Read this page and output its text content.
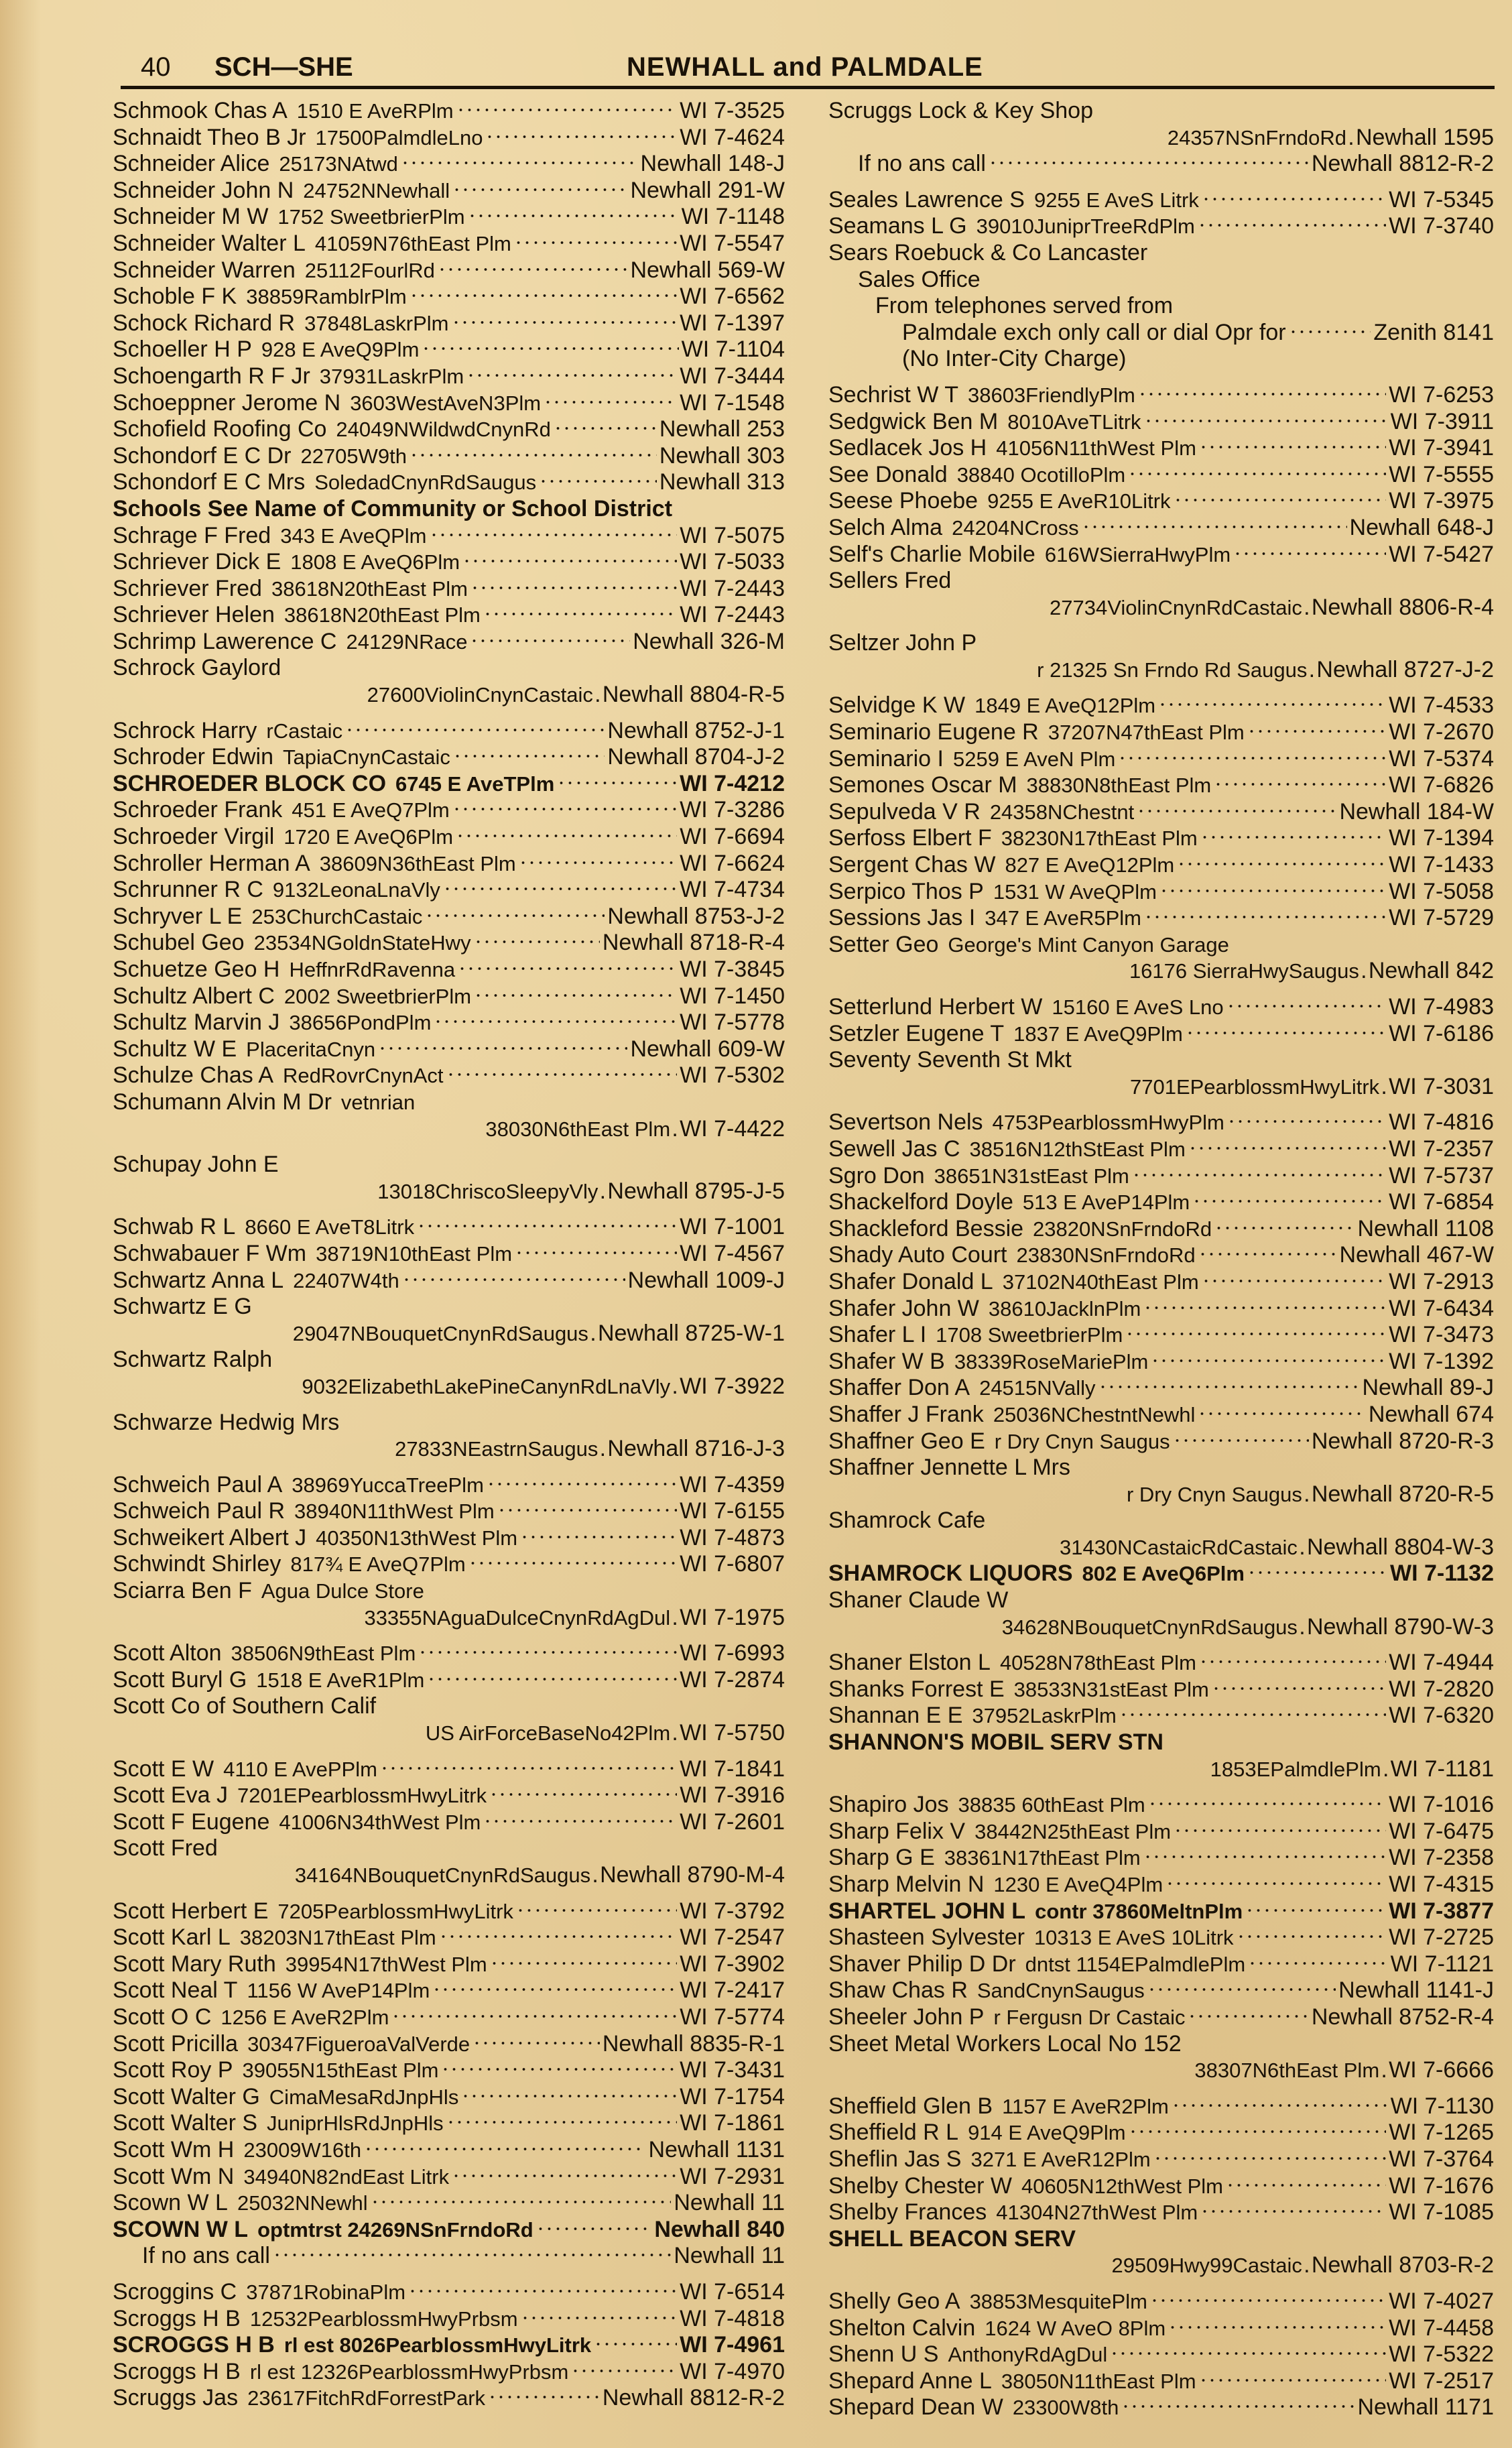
40 SCH—SHE	NEWHALL and PALMDALE
Schmook Chas A 1510 E AveRPlm	WI 7-3525
Schnaidt Theo B Jr 17500PalmdleLno	WI 7-4624
Schneider Alice 25173NAtwd	Newhall 148-J
Schneider John N 24752NNewhall	Newhall 291-W
Schneider M W 1752 SweetbrierPlm	WI 7-1148
Schneider Walter L 41059N76thEast Plm	WI 7-5547
Schneider Warren 25112FourlRd	Newhall 569-W
Schoble F K 38859RamblrPlm	WI 7-6562
Schock Richard R 37848LaskrPlm	WI 7-1397
Schoeller H P 928 E AveQ9Plm	WI 7-1104
Schoengarth R F Jr 37931LaskrPlm	WI 7-3444
Schoeppner Jerome N 3603WestAveN3Plm	WI 7-1548
Schofield Roofing Co 24049NWildwdCnynRd	Newhall 253
Schondorf E C Dr 22705W9th	Newhall 303
Schondorf E C Mrs SoledadCnynRdSaugus	Newhall 313
Schools See Name of Community or School District
Schrage F Fred 343 E AveQPlm	WI 7-5075
Schriever Dick E 1808 E AveQ6Plm	WI 7-5033
Schriever Fred 38618N20thEast Plm	WI 7-2443
Schriever Helen 38618N20thEast Plm	WI 7-2443
Schrimp Lawerence C 24129NRace	Newhall 326-M
Schrock Gaylord
27600ViolinCnynCastaic . Newhall 8804-R-5
Schrock Harry rCastaic	Newhall 8752-J-1
Schroder Edwin TapiaCnynCastaic	Newhall 8704-J-2
SCHROEDER BLOCK CO 6745 E AveTPlm	WI 7-4212
Schroeder Frank 451 E AveQ7Plm	WI 7-3286
Schroeder Virgil 1720 E AveQ6Plm	WI 7-6694
Schroller Herman A 38609N36thEast Plm	WI 7-6624
Schrunner R C 9132LeonaLnaVly	WI 7-4734
Schryver L E 253ChurchCastaic	Newhall 8753-J-2
Schubel Geo 23534NGoldnStateHwy	Newhall 8718-R-4
Schuetze Geo H HeffnrRdRavenna	WI 7-3845
Schultz Albert C 2002 SweetbrierPlm	WI 7-1450
Schultz Marvin J 38656PondPlm	WI 7-5778
Schultz W E PlaceritaCnyn	Newhall 609-W
Schulze Chas A RedRovrCnynAct	WI 7-5302
Schumann Alvin M Dr vetnrian
38030N6thEast Plm . WI 7-4422
Schupay John E
13018ChriscoSleepyVly . Newhall 8795-J-5
Schwab R L 8660 E AveT8Litrk	WI 7-1001
Schwabauer F Wm 38719N10thEast Plm	WI 7-4567
Schwartz Anna L 22407W4th	Newhall 1009-J
Schwartz E G
29047NBouquetCnynRdSaugus . Newhall 8725-W-1
Schwartz Ralph
9032ElizabethLakePineCanynRdLnaVly . WI 7-3922
Schwarze Hedwig Mrs
27833NEastrnSaugus . Newhall 8716-J-3
Schweich Paul A 38969YuccaTreePlm	WI 7-4359
Schweich Paul R 38940N11thWest Plm	WI 7-6155
Schweikert Albert J 40350N13thWest Plm	WI 7-4873
Schwindt Shirley 817¾ E AveQ7Plm	WI 7-6807
Sciarra Ben F Agua Dulce Store
33355NAguaDulceCnynRdAgDul . WI 7-1975
Scott Alton 38506N9thEast Plm	WI 7-6993
Scott Buryl G 1518 E AveR1Plm	WI 7-2874
Scott Co of Southern Calif
US AirForceBaseNo42Plm . WI 7-5750
Scott E W 4110 E AvePPlm	WI 7-1841
Scott Eva J 7201EPearblossmHwyLitrk	WI 7-3916
Scott F Eugene 41006N34thWest Plm	WI 7-2601
Scott Fred
34164NBouquetCnynRdSaugus . Newhall 8790-M-4
Scott Herbert E 7205PearblossmHwyLitrk	WI 7-3792
Scott Karl L 38203N17thEast Plm	WI 7-2547
Scott Mary Ruth 39954N17thWest Plm	WI 7-3902
Scott Neal T 1156 W AveP14Plm	WI 7-2417
Scott O C 1256 E AveR2Plm	WI 7-5774
Scott Pricilla 30347FigueroaValVerde	Newhall 8835-R-1
Scott Roy P 39055N15thEast Plm	WI 7-3431
Scott Walter G CimaMesaRdJnpHls	WI 7-1754
Scott Walter S JuniprHlsRdJnpHls	WI 7-1861
Scott Wm H 23009W16th	Newhall 1131
Scott Wm N 34940N82ndEast Litrk	WI 7-2931
Scown W L 25032NNewhl	Newhall 11
SCOWN W L optmtrst 24269NSnFrndoRd	Newhall 840
If no ans call	Newhall 11
Scroggins C 37871RobinaPlm	WI 7-6514
Scroggs H B 12532PearblossmHwyPrbsm	WI 7-4818
SCROGGS H B rl est 8026PearblossmHwyLitrk	WI 7-4961
Scroggs H B rl est 12326PearblossmHwyPrbsm	WI 7-4970
Scruggs Jas 23617FitchRdForrestPark	Newhall 8812-R-2
Scruggs Lock & Key Shop
24357NSnFrndoRd . Newhall 1595
If no ans call	Newhall 8812-R-2
Seales Lawrence S 9255 E AveS Litrk	WI 7-5345
Seamans L G 39010JuniprTreeRdPlm	WI 7-3740
Sears Roebuck & Co Lancaster
Sales Office
From telephones served from
Palmdale exch only call or dial Opr for	Zenith 8141
(No Inter-City Charge)
Sechrist W T 38603FriendlyPlm	WI 7-6253
Sedgwick Ben M 8010AveTLitrk	WI 7-3911
Sedlacek Jos H 41056N11thWest Plm	WI 7-3941
See Donald 38840 OcotilloPlm	WI 7-5555
Seese Phoebe 9255 E AveR10Litrk	WI 7-3975
Selch Alma 24204NCross	Newhall 648-J
Self's Charlie Mobile 616WSierraHwyPlm	WI 7-5427
Sellers Fred
27734ViolinCnynRdCastaic . Newhall 8806-R-4
Seltzer John P
r 21325 Sn Frndo Rd Saugus . Newhall 8727-J-2
Selvidge K W 1849 E AveQ12Plm	WI 7-4533
Seminario Eugene R 37207N47thEast Plm	WI 7-2670
Seminario I 5259 E AveN Plm	WI 7-5374
Semones Oscar M 38830N8thEast Plm	WI 7-6826
Sepulveda V R 24358NChestnt	Newhall 184-W
Serfoss Elbert F 38230N17thEast Plm	WI 7-1394
Sergent Chas W 827 E AveQ12Plm	WI 7-1433
Serpico Thos P 1531 W AveQPlm	WI 7-5058
Sessions Jas I 347 E AveR5Plm	WI 7-5729
Setter Geo George's Mint Canyon Garage
16176 SierraHwySaugus . Newhall 842
Setterlund Herbert W 15160 E AveS Lno	WI 7-4983
Setzler Eugene T 1837 E AveQ9Plm	WI 7-6186
Seventy Seventh St Mkt
7701EPearblossmHwyLitrk . WI 7-3031
Severtson Nels 4753PearblossmHwyPlm	WI 7-4816
Sewell Jas C 38516N12thStEast Plm	WI 7-2357
Sgro Don 38651N31stEast Plm	WI 7-5737
Shackelford Doyle 513 E AveP14Plm	WI 7-6854
Shackleford Bessie 23820NSnFrndoRd	Newhall 1108
Shady Auto Court 23830NSnFrndoRd	Newhall 467-W
Shafer Donald L 37102N40thEast Plm	WI 7-2913
Shafer John W 38610JacklnPlm	WI 7-6434
Shafer L I 1708 SweetbrierPlm	WI 7-3473
Shafer W B 38339RoseMariePlm	WI 7-1392
Shaffer Don A 24515NVally	Newhall 89-J
Shaffer J Frank 25036NChestntNewhl	Newhall 674
Shaffner Geo E r Dry Cnyn Saugus	Newhall 8720-R-3
Shaffner Jennette L Mrs
r Dry Cnyn Saugus . Newhall 8720-R-5
Shamrock Cafe
31430NCastaicRdCastaic . Newhall 8804-W-3
SHAMROCK LIQUORS 802 E AveQ6Plm	WI 7-1132
Shaner Claude W
34628NBouquetCnynRdSaugus . Newhall 8790-W-3
Shaner Elston L 40528N78thEast Plm	WI 7-4944
Shanks Forrest E 38533N31stEast Plm	WI 7-2820
Shannan E E 37952LaskrPlm	WI 7-6320
SHANNON'S MOBIL SERV STN
1853EPalmdlePlm . WI 7-1181
Shapiro Jos 38835 60thEast Plm	WI 7-1016
Sharp Felix V 38442N25thEast Plm	WI 7-6475
Sharp G E 38361N17thEast Plm	WI 7-2358
Sharp Melvin N 1230 E AveQ4Plm	WI 7-4315
SHARTEL JOHN L contr 37860MeltnPlm	WI 7-3877
Shasteen Sylvester 10313 E AveS 10Litrk	WI 7-2725
Shaver Philip D Dr dntst 1154EPalmdlePlm	WI 7-1121
Shaw Chas R SandCnynSaugus	Newhall 1141-J
Sheeler John P r Fergusn Dr Castaic	Newhall 8752-R-4
Sheet Metal Workers Local No 152
38307N6thEast Plm . WI 7-6666
Sheffield Glen B 1157 E AveR2Plm	WI 7-1130
Sheffield R L 914 E AveQ9Plm	WI 7-1265
Sheflin Jas S 3271 E AveR12Plm	WI 7-3764
Shelby Chester W 40605N12thWest Plm	WI 7-1676
Shelby Frances 41304N27thWest Plm	WI 7-1085
SHELL BEACON SERV
29509Hwy99Castaic . Newhall 8703-R-2
Shelly Geo A 38853MesquitePlm	WI 7-4027
Shelton Calvin 1624 W AveO 8Plm	WI 7-4458
Shenn U S AnthonyRdAgDul	WI 7-5322
Shepard Anne L 38050N11thEast Plm	WI 7-2517
Shepard Dean W 23300W8th	Newhall 1171
